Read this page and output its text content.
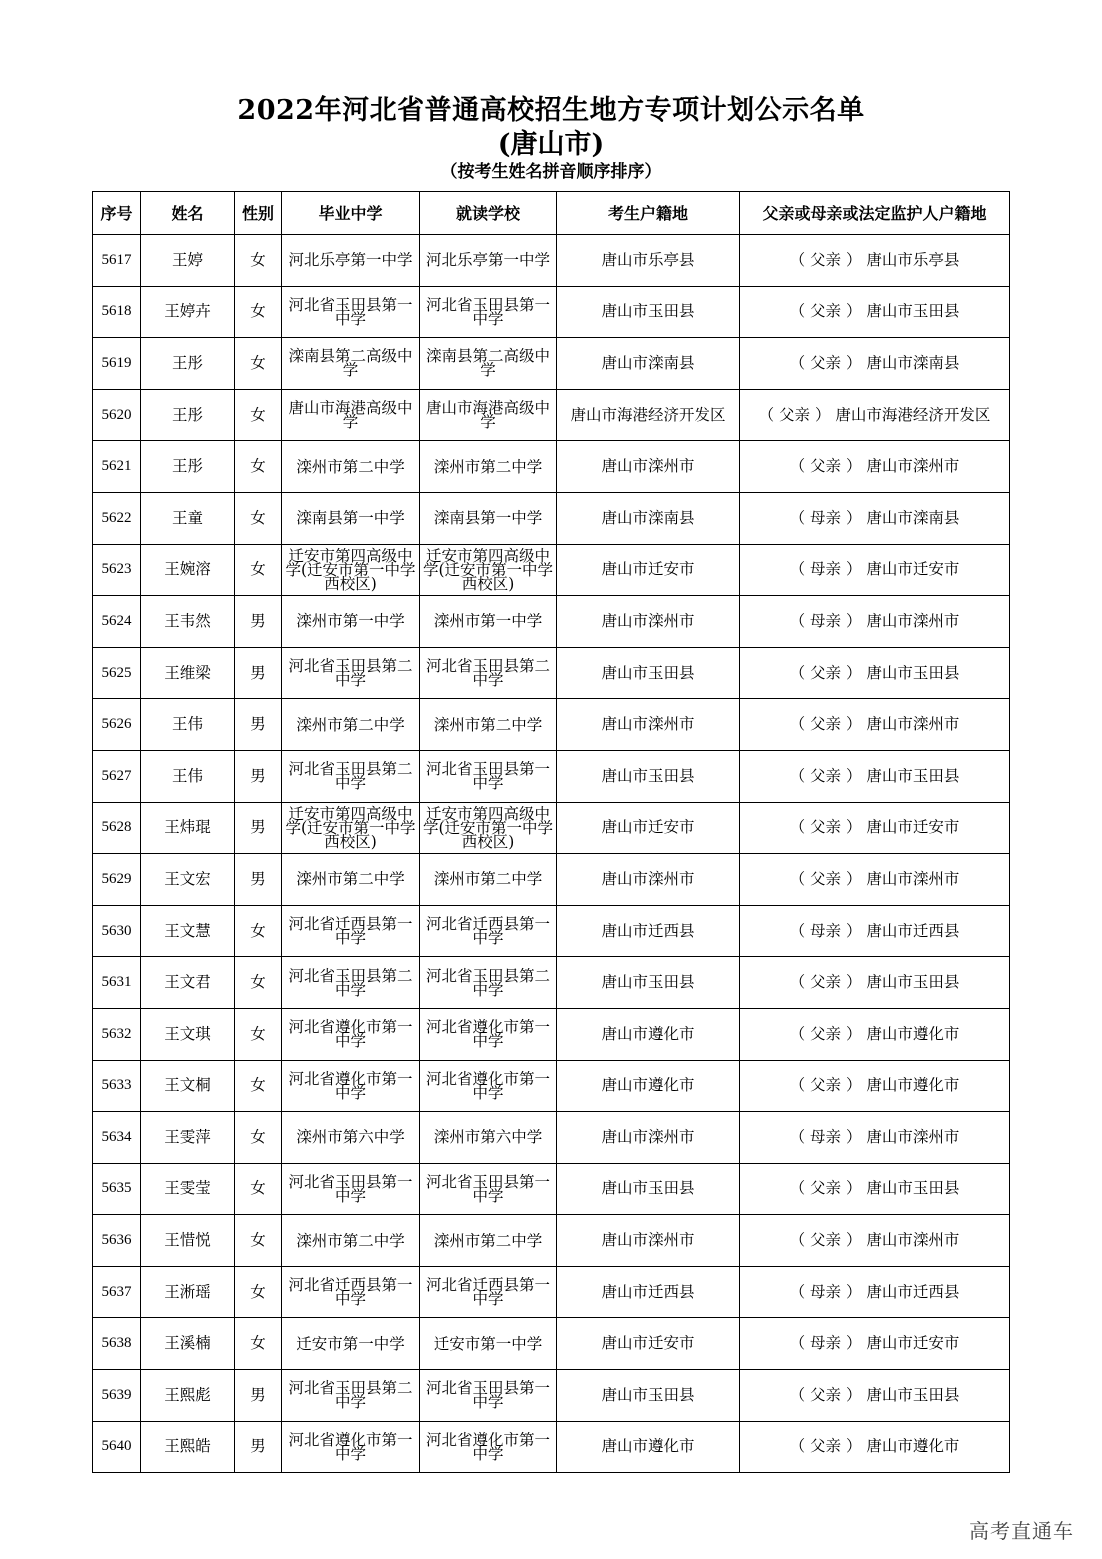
2022年河北省普通高校招生地方专项计划公示名单
(唐山市)
（按考生姓名拼音顺序排序）
序号	姓名	性别	毕业中学	就读学校	考生户籍地	父亲或母亲或法定监护人户籍地
5617	王婷	女	河北乐亭第一中学	河北乐亭第一中学	唐山市乐亭县	（ 父亲 ） 唐山市乐亭县
5618	王婷卉	女	河北省玉田县第一中学	河北省玉田县第一中学	唐山市玉田县	（ 父亲 ） 唐山市玉田县
5619	王彤	女	滦南县第二高级中学	滦南县第二高级中学	唐山市滦南县	（ 父亲 ） 唐山市滦南县
5620	王彤	女	唐山市海港高级中学	唐山市海港高级中学	唐山市海港经济开发区	（ 父亲 ） 唐山市海港经济开发区
5621	王彤	女	滦州市第二中学	滦州市第二中学	唐山市滦州市	（ 父亲 ） 唐山市滦州市
5622	王童	女	滦南县第一中学	滦南县第一中学	唐山市滦南县	（ 母亲 ） 唐山市滦南县
5623	王婉溶	女	迁安市第四高级中学(迁安市第一中学西校区)	迁安市第四高级中学(迁安市第一中学西校区)	唐山市迁安市	（ 母亲 ） 唐山市迁安市
5624	王韦然	男	滦州市第一中学	滦州市第一中学	唐山市滦州市	（ 母亲 ） 唐山市滦州市
5625	王维梁	男	河北省玉田县第二中学	河北省玉田县第二中学	唐山市玉田县	（ 父亲 ） 唐山市玉田县
5626	王伟	男	滦州市第二中学	滦州市第二中学	唐山市滦州市	（ 父亲 ） 唐山市滦州市
5627	王伟	男	河北省玉田县第二中学	河北省玉田县第一中学	唐山市玉田县	（ 父亲 ） 唐山市玉田县
5628	王炜琨	男	迁安市第四高级中学(迁安市第一中学西校区)	迁安市第四高级中学(迁安市第一中学西校区)	唐山市迁安市	（ 父亲 ） 唐山市迁安市
5629	王文宏	男	滦州市第二中学	滦州市第二中学	唐山市滦州市	（ 父亲 ） 唐山市滦州市
5630	王文慧	女	河北省迁西县第一中学	河北省迁西县第一中学	唐山市迁西县	（ 母亲 ） 唐山市迁西县
5631	王文君	女	河北省玉田县第二中学	河北省玉田县第二中学	唐山市玉田县	（ 父亲 ） 唐山市玉田县
5632	王文琪	女	河北省遵化市第一中学	河北省遵化市第一中学	唐山市遵化市	（ 父亲 ） 唐山市遵化市
5633	王文桐	女	河北省遵化市第一中学	河北省遵化市第一中学	唐山市遵化市	（ 父亲 ） 唐山市遵化市
5634	王雯萍	女	滦州市第六中学	滦州市第六中学	唐山市滦州市	（ 母亲 ） 唐山市滦州市
5635	王雯莹	女	河北省玉田县第一中学	河北省玉田县第一中学	唐山市玉田县	（ 父亲 ） 唐山市玉田县
5636	王惜悦	女	滦州市第二中学	滦州市第二中学	唐山市滦州市	（ 父亲 ） 唐山市滦州市
5637	王淅瑶	女	河北省迁西县第一中学	河北省迁西县第一中学	唐山市迁西县	（ 母亲 ） 唐山市迁西县
5638	王溪楠	女	迁安市第一中学	迁安市第一中学	唐山市迁安市	（ 母亲 ） 唐山市迁安市
5639	王熙彪	男	河北省玉田县第二中学	河北省玉田县第一中学	唐山市玉田县	（ 父亲 ） 唐山市玉田县
5640	王熙皓	男	河北省遵化市第一中学	河北省遵化市第一中学	唐山市遵化市	（ 父亲 ） 唐山市遵化市
高考直通车
